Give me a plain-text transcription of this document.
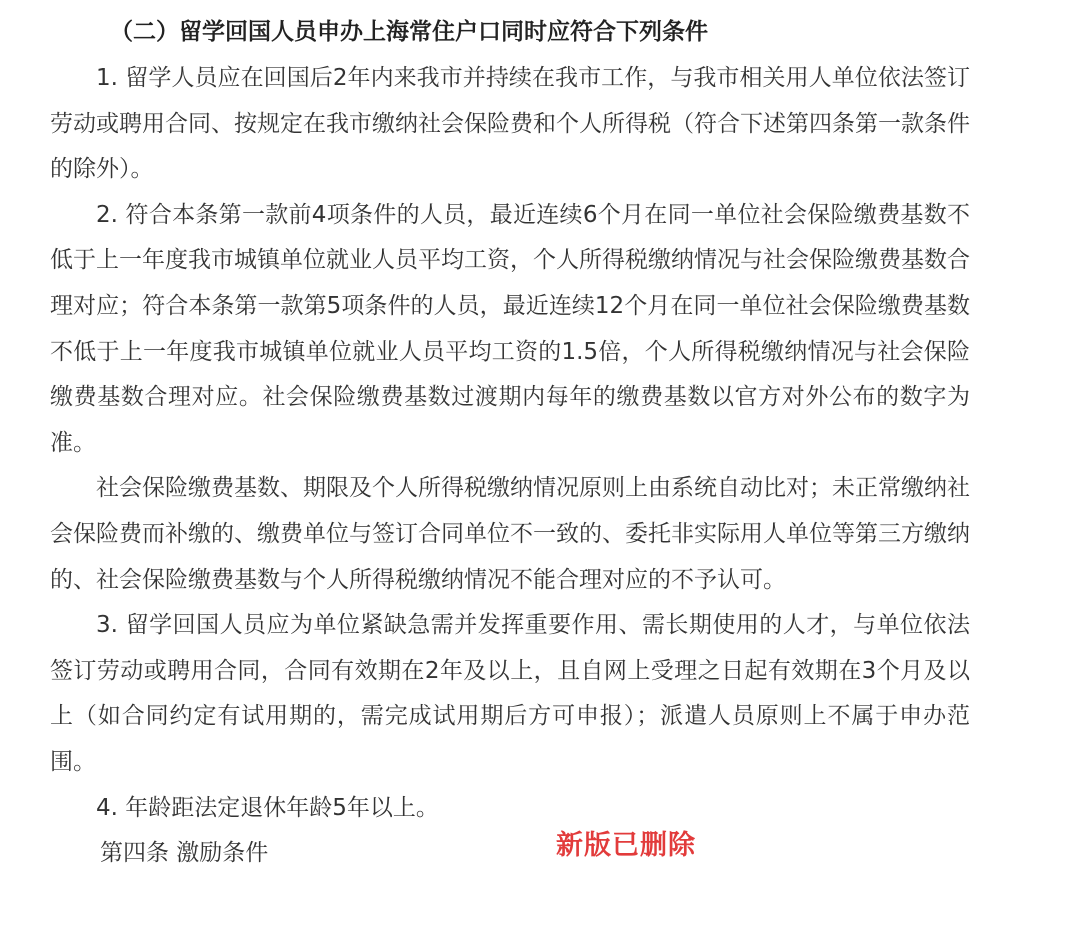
（二）留学回国人员申办上海常住户口同时应符合下列条件

1. 留学人员应在回国后2年内来我市并持续在我市工作，与我市相关用人单位依法签订劳动或聘用合同、按规定在我市缴纳社会保险费和个人所得税（符合下述第四条第一款条件的除外）。

2. 符合本条第一款前4项条件的人员，最近连续6个月在同一单位社会保险缴费基数不低于上一年度我市城镇单位就业人员平均工资，个人所得税缴纳情况与社会保险缴费基数合理对应；符合本条第一款第5项条件的人员，最近连续12个月在同一单位社会保险缴费基数不低于上一年度我市城镇单位就业人员平均工资的1.5倍，个人所得税缴纳情况与社会保险缴费基数合理对应。社会保险缴费基数过渡期内每年的缴费基数以官方对外公布的数字为准。

社会保险缴费基数、期限及个人所得税缴纳情况原则上由系统自动比对；未正常缴纳社会保险费而补缴的、缴费单位与签订合同单位不一致的、委托非实际用人单位等第三方缴纳的、社会保险缴费基数与个人所得税缴纳情况不能合理对应的不予认可。

3. 留学回国人员应为单位紧缺急需并发挥重要作用、需长期使用的人才，与单位依法签订劳动或聘用合同，合同有效期在2年及以上，且自网上受理之日起有效期在3个月及以上（如合同约定有试用期的，需完成试用期后方可申报）；派遣人员原则上不属于申办范围。

4. 年龄距法定退休年龄5年以上。

第四条 激励条件	新版已删除
